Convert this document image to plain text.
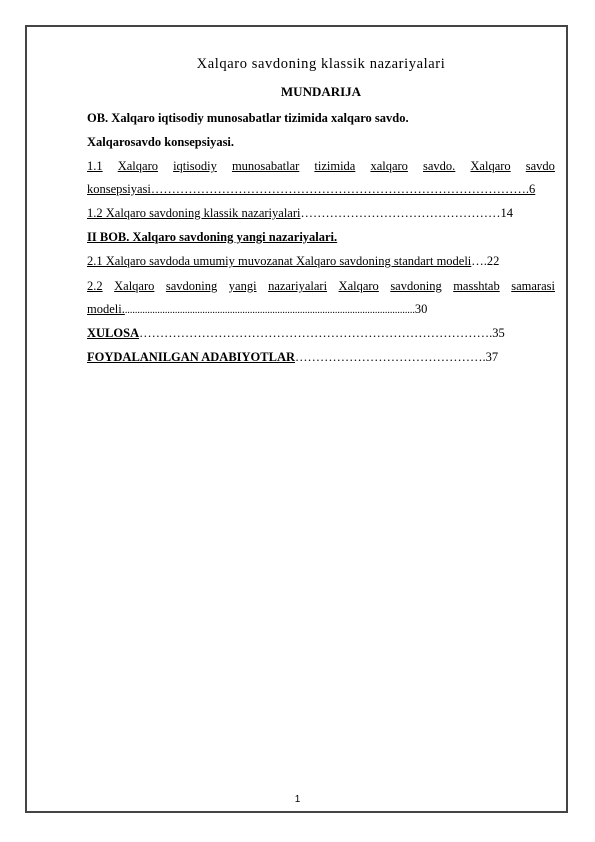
Xalqaro savdoning klassik nazariyalari
MUNDARIJA
OB. Xalqaro iqtisodiy munosabatlar tizimida xalqaro savdo.
Xalqarosavdo konsepsiyasi.
1.1 Xalqaro iqtisodiy munosabatlar tizimida xalqaro savdo. Xalqaro savdo
konsepsiyasi……………………………………………………………………………….6
1.2 Xalqaro savdoning klassik nazariyalari…………………………………………14
II BOB. Xalqaro savdoning yangi nazariyalari.
2.1 Xalqaro savdoda umumiy muvozanat Xalqaro savdoning standart modeli….22
2.2 Xalqaro savdoning yangi nazariyalari Xalqaro savdoning masshtab samarasi
modeli.....................................................................................................................30
XULOSA………………………………………………………………………….35
FOYDALANILGAN ADABIYOTLAR……………………………………….37
1
